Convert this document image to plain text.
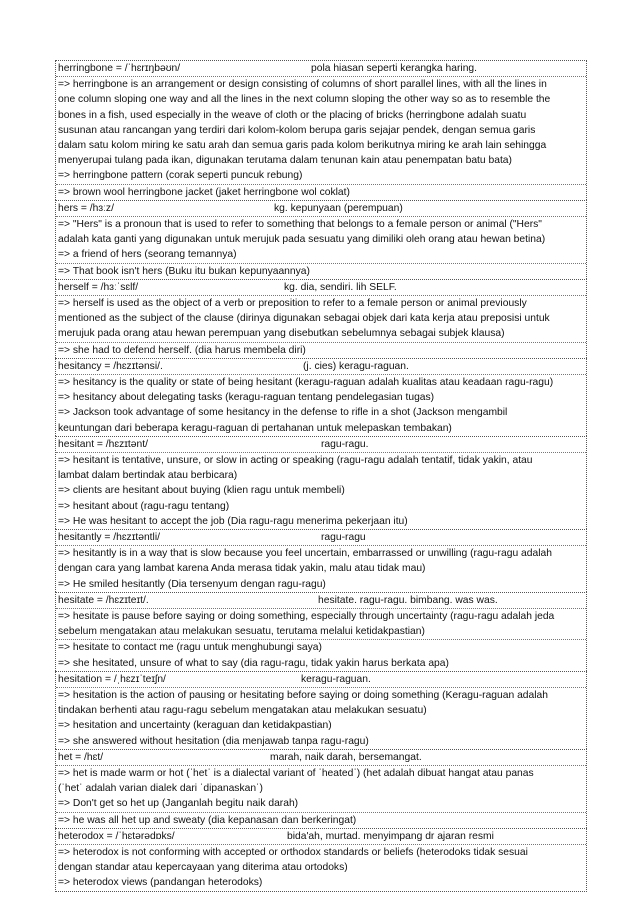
herringbone = /ˈhɛrɪŋbəʊn/	pola hiasan seperti kerangka haring.
=> herringbone is an arrangement or design consisting of columns of short parallel lines, with all the lines in
one column sloping one way and all the lines in the next column sloping the other way so as to resemble the
bones in a fish, used especially in the weave of cloth or the placing of bricks (herringbone adalah suatu
susunan atau rancangan yang terdiri dari kolom-kolom berupa garis sejajar pendek, dengan semua garis
dalam satu kolom miring ke satu arah dan semua garis pada kolom berikutnya miring ke arah lain sehingga
menyerupai tulang pada ikan, digunakan terutama dalam tenunan kain atau penempatan batu bata)
=> herringbone pattern (corak seperti puncuk rebung)
=> brown wool herringbone jacket (jaket herringbone wol coklat)
hers = /hɜːz/	kg. kepunyaan (perempuan)
=> "Hers" is a pronoun that is used to refer to something that belongs to a female person or animal ("Hers"
adalah kata ganti yang digunakan untuk merujuk pada sesuatu yang dimiliki oleh orang atau hewan betina)
=> a friend of hers (seorang temannya)
=> That book isn't hers (Buku itu bukan kepunyaannya)
herself = /hɜːˈsɛlf/	kg. dia, sendiri. lih SELF.
=> herself is used as the object of a verb or preposition to refer to a female person or animal previously
mentioned as the subject of the clause (dirinya digunakan sebagai objek dari kata kerja atau preposisi untuk
merujuk pada orang atau hewan perempuan yang disebutkan sebelumnya sebagai subjek klausa)
=> she had to defend herself. (dia harus membela diri)
hesitancy = /hɛzɪtənsi/.	(j. cies) keragu-raguan.
=> hesitancy is the quality or state of being hesitant (keragu-raguan adalah kualitas atau keadaan ragu-ragu)
=> hesitancy about delegating tasks (keragu-raguan tentang pendelegasian tugas)
=> Jackson took advantage of some hesitancy in the defense to rifle in a shot (Jackson mengambil
keuntungan dari beberapa keragu-raguan di pertahanan untuk melepaskan tembakan)
hesitant = /hɛzɪtənt/	ragu-ragu.
=> hesitant is tentative, unsure, or slow in acting or speaking (ragu-ragu adalah tentatif, tidak yakin, atau
lambat dalam bertindak atau berbicara)
=> clients are hesitant about buying (klien ragu untuk membeli)
=> hesitant about (ragu-ragu tentang)
=> He was hesitant to accept the job (Dia ragu-ragu menerima pekerjaan itu)
hesitantly = /hɛzɪtəntli/	ragu-ragu
=> hesitantly is in a way that is slow because you feel uncertain, embarrassed or unwilling (ragu-ragu adalah
dengan cara yang lambat karena Anda merasa tidak yakin, malu atau tidak mau)
=> He smiled hesitantly (Dia tersenyum dengan ragu-ragu)
hesitate = /hɛzɪteɪt/.	hesitate. ragu-ragu. bimbang. was was.
=> hesitate is pause before saying or doing something, especially through uncertainty (ragu-ragu adalah jeda
sebelum mengatakan atau melakukan sesuatu, terutama melalui ketidakpastian)
=> hesitate to contact me (ragu untuk menghubungi saya)
=> she hesitated, unsure of what to say (dia ragu-ragu, tidak yakin harus berkata apa)
hesitation = /ˌhɛzɪˈteɪʃn/	keragu-raguan.
=> hesitation is the action of pausing or hesitating before saying or doing something (Keragu-raguan adalah
tindakan berhenti atau ragu-ragu sebelum mengatakan atau melakukan sesuatu)
=> hesitation and uncertainty (keraguan dan ketidakpastian)
=> she answered without hesitation (dia menjawab tanpa ragu-ragu)
het = /hɛt/	marah, naik darah, bersemangat.
=> het is made warm or hot (ˈhetˈ is a dialectal variant of ˈheatedˈ) (het adalah dibuat hangat atau panas
(ˈhetˈ adalah varian dialek dari ˈdipanaskanˈ)
=> Don't get so het up (Janganlah begitu naik darah)
=> he was all het up and sweaty (dia kepanasan dan berkeringat)
heterodox = /ˈhɛtərədɒks/	bida'ah, murtad. menyimpang dr ajaran resmi
=> heterodox is not conforming with accepted or orthodox standards or beliefs (heterodoks tidak sesuai
dengan standar atau kepercayaan yang diterima atau ortodoks)
=> heterodox views (pandangan heterodoks)
